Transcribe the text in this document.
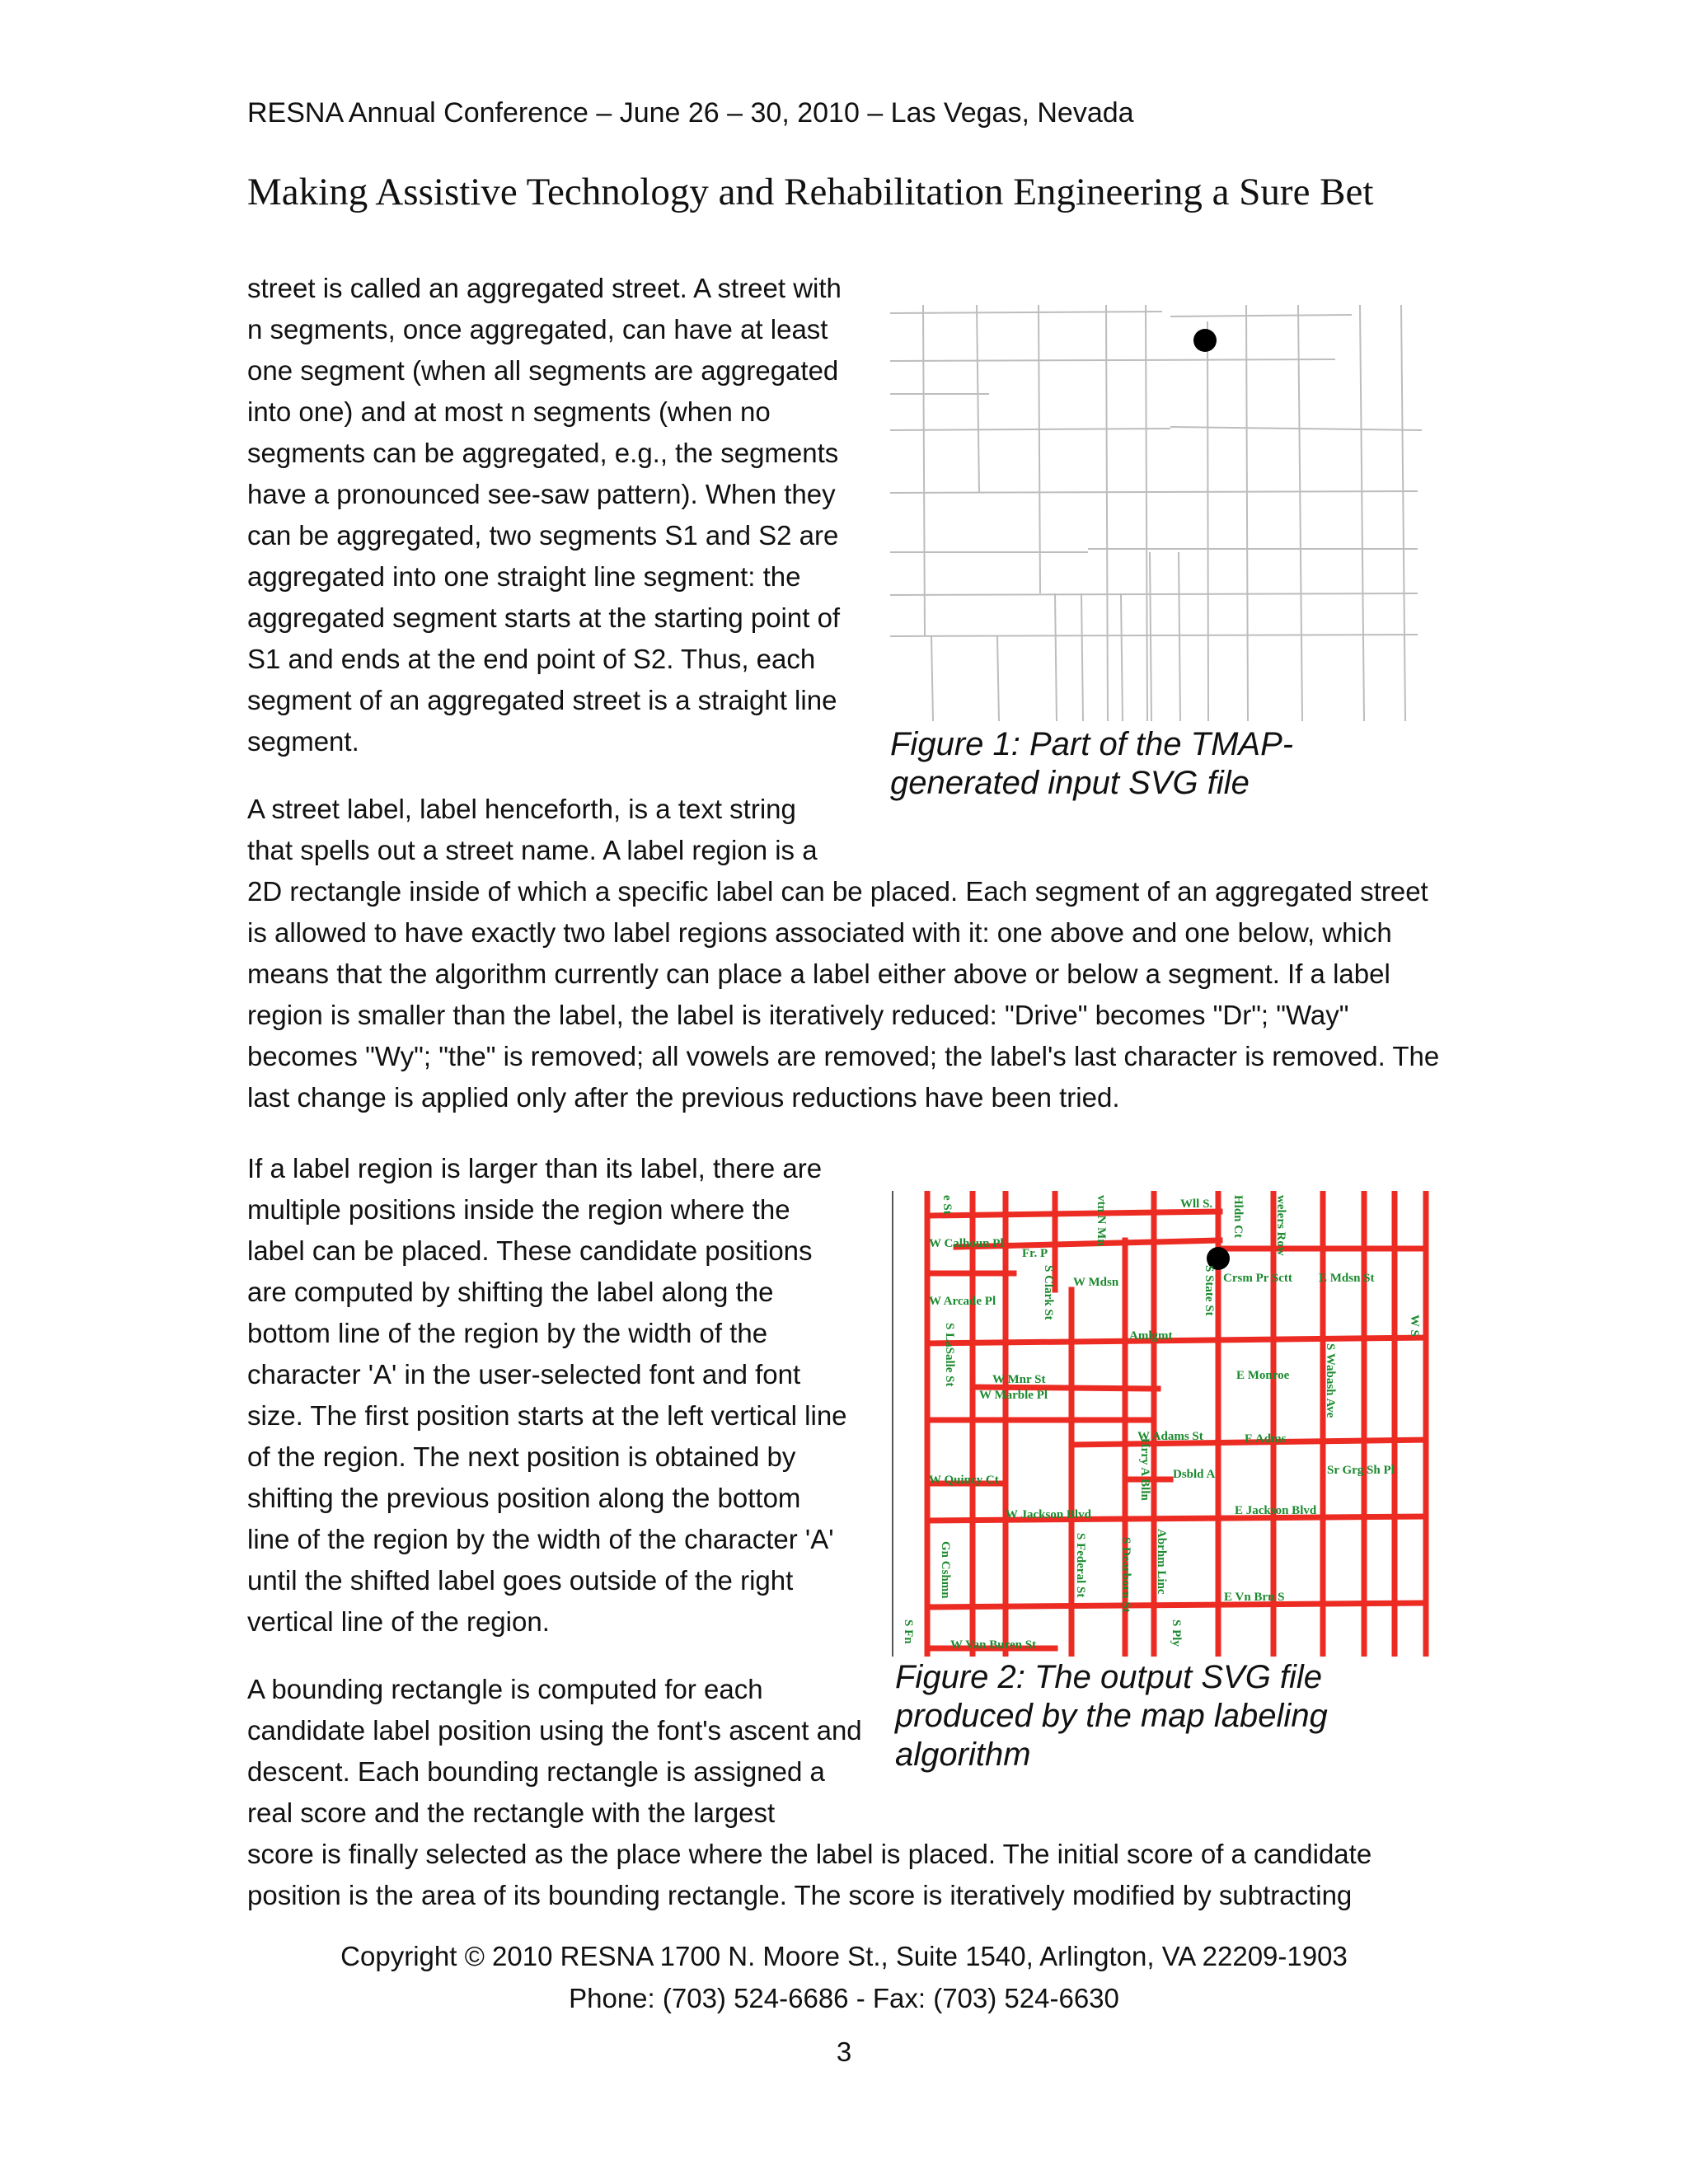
RESNA Annual Conference – June 26 – 30, 2010 – Las Vegas, Nevada
Making Assistive Technology and Rehabilitation Engineering a Sure Bet
street is called an aggregated street. A street with n segments, once aggregated, can have at least one segment (when all segments are aggregated into one) and at most n segments (when no segments can be aggregated, e.g., the segments have a pronounced see-saw pattern). When they can be aggregated, two segments S1 and S2 are aggregated into one straight line segment: the aggregated segment starts at the starting point of S1 and ends at the end point of S2. Thus, each segment of an aggregated street is a straight line segment.	Figure 1: Part of the TMAP-generated input SVG file
A street label, label henceforth, is a text string that spells out a street name. A label region is a
2D rectangle inside of which a specific label can be placed. Each segment of an aggregated street is allowed to have exactly two label regions associated with it: one above and one below, which means that the algorithm currently can place a label either above or below a segment. If a label region is smaller than the label, the label is iteratively reduced: "Drive" becomes "Dr"; "Way" becomes "Wy"; "the" is removed; all vowels are removed; the label's last character is removed. The last change is applied only after the previous reductions have been tried.
If a label region is larger than its label, there are multiple positions inside the region where the label can be placed. These candidate positions are computed by shifting the label along the bottom line of the region by the width of the character 'A' in the user-selected font and font size. The first position starts at the left vertical line of the region. The next position is obtained by shifting the previous position along the bottom line of the region by the width of the character 'A' until the shifted label goes outside of the right vertical line of the region.
Wll S.
W Calhoun Pl
Fr. P
W Arcade Pl
W Mdsn	Crsm Pr Sctt E Mdsn St
Amlgmt
W Mnr St
W Marble Pl
E Monroe
W Adams St	E Adms
Dsbld A	Sr Grg Sh Pl
W Quincy Ct
W Jackson Blvd	E Jackson Blvd
E Vn Brn S
W Van Buren St
S LaSalle St
S Clark St	S State St
S Wabash Ave
S Federal St	S Dearborn St
Hrry A Blln
Abrhm Linc
Gn Cshmn
S Ply
S Fn
e St	vtn N Mn	Hldn Ct welers Row
W S
Figure 2: The output SVG file produced by the map labeling algorithm
A bounding rectangle is computed for each candidate label position using the font's ascent and descent. Each bounding rectangle is assigned a real score and the rectangle with the largest
score is finally selected as the place where the label is placed. The initial score of a candidate position is the area of its bounding rectangle. The score is iteratively modified by subtracting
Copyright © 2010 RESNA 1700 N. Moore St., Suite 1540, Arlington, VA 22209-1903
Phone: (703) 524-6686 - Fax: (703) 524-6630
3
